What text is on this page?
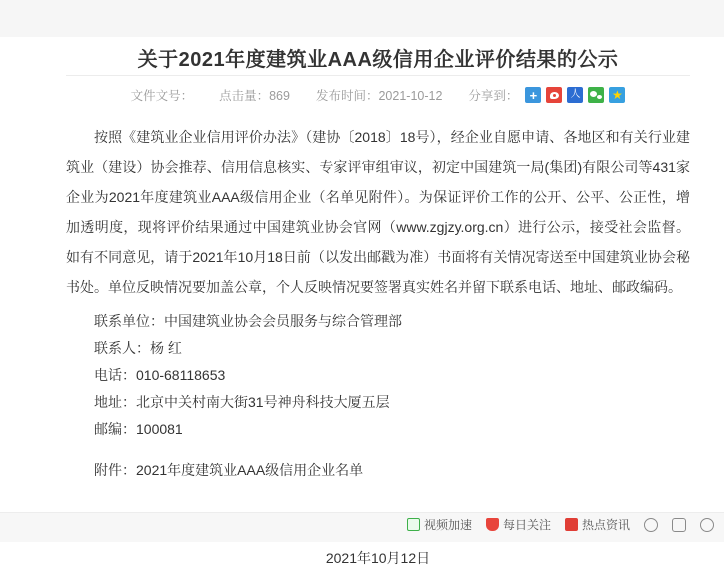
关于2021年度建筑业AAA级信用企业评价结果的公示
文件文号： 点击量：869 发布时间：2021-10-12 分享到： +	人	★

按照《建筑业企业信用评价办法》（建协〔2018〕18号），经企业自愿申请、各地区和有关行业建筑业（建设）协会推荐、信用信息核实、专家评审组审议，初定中国建筑一局(集团)有限公司等431家企业为2021年度建筑业AAA级信用企业（名单见附件）。为保证评价工作的公开、公平、公正性，增加透明度，现将评价结果通过中国建筑业协会官网（www.zgjzy.org.cn）进行公示，接受社会监督。如有不同意见，请于2021年10月18日前（以发出邮戳为准）书面将有关情况寄送至中国建筑业协会秘书处。单位反映情况要加盖公章，个人反映情况要签署真实姓名并留下联系电话、地址、邮政编码。

联系单位：中国建筑业协会会员服务与综合管理部
联系人：杨 红
电话：010-68118653
地址：北京中关村南大街31号神舟科技大厦五层
邮编：100081
附件：2021年度建筑业AAA级信用企业名单
2021年10月12日
视频加速	每日关注	热点资讯
